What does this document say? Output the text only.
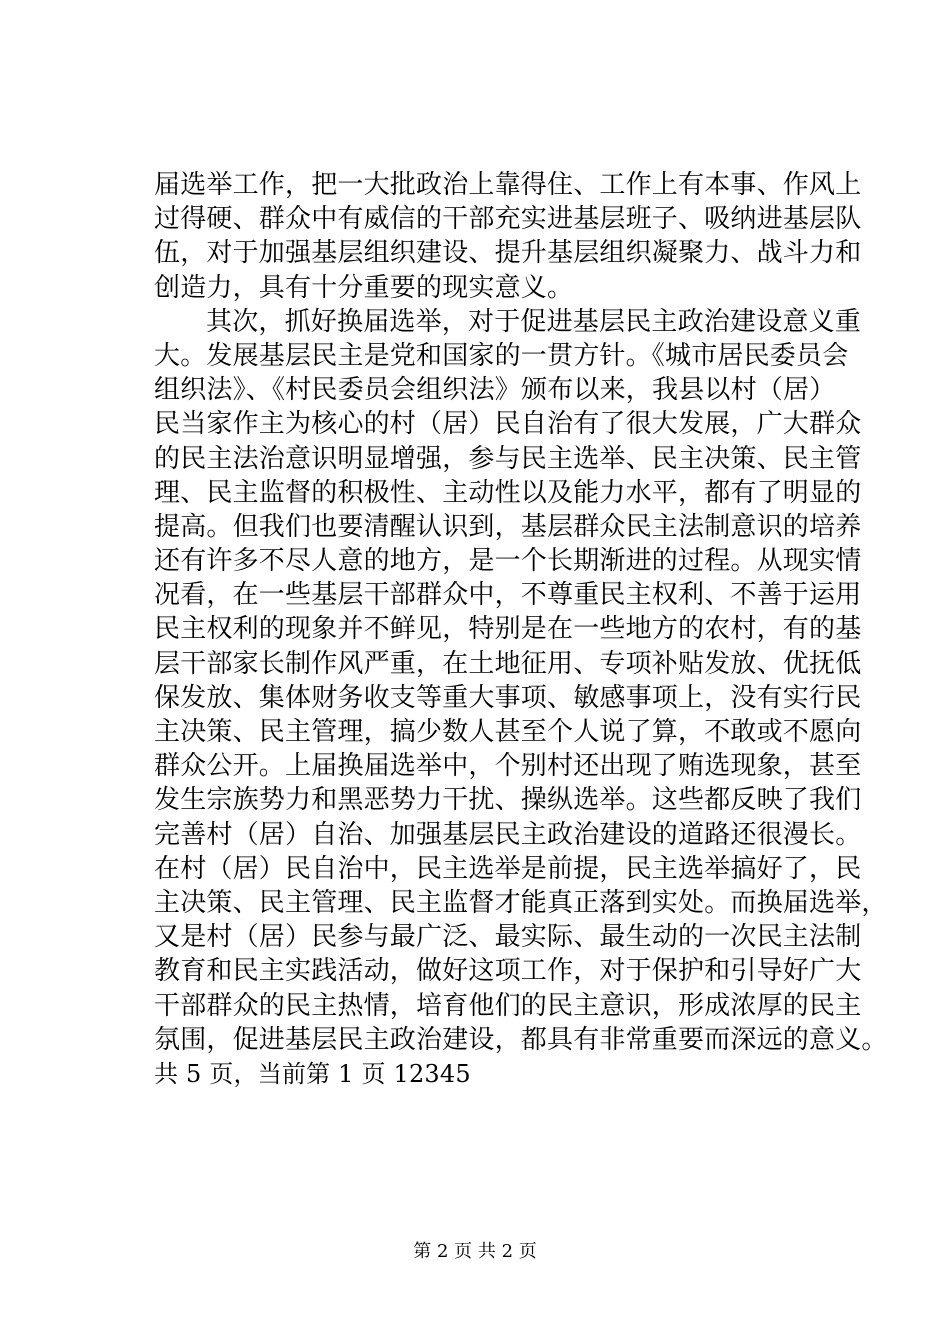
届选举工作，把一大批政治上靠得住、工作上有本事、作风上
过得硬、群众中有威信的干部充实进基层班子、吸纳进基层队
伍，对于加强基层组织建设、提升基层组织凝聚力、战斗力和
创造力，具有十分重要的现实意义。
其次，抓好换届选举，对于促进基层民主政治建设意义重
大。发展基层民主是党和国家的一贯方针。《城市居民委员会
组织法》、《村民委员会组织法》颁布以来，我县以村（居）
民当家作主为核心的村（居）民自治有了很大发展，广大群众
的民主法治意识明显增强，参与民主选举、民主决策、民主管
理、民主监督的积极性、主动性以及能力水平，都有了明显的
提高。但我们也要清醒认识到，基层群众民主法制意识的培养
还有许多不尽人意的地方，是一个长期渐进的过程。从现实情
况看，在一些基层干部群众中，不尊重民主权利、不善于运用
民主权利的现象并不鲜见，特别是在一些地方的农村，有的基
层干部家长制作风严重，在土地征用、专项补贴发放、优抚低
保发放、集体财务收支等重大事项、敏感事项上，没有实行民
主决策、民主管理，搞少数人甚至个人说了算，不敢或不愿向
群众公开。上届换届选举中，个别村还出现了贿选现象，甚至
发生宗族势力和黑恶势力干扰、操纵选举。这些都反映了我们
完善村（居）自治、加强基层民主政治建设的道路还很漫长。
在村（居）民自治中，民主选举是前提，民主选举搞好了，民
主决策、民主管理、民主监督才能真正落到实处。而换届选举，
又是村（居）民参与最广泛、最实际、最生动的一次民主法制
教育和民主实践活动，做好这项工作，对于保护和引导好广大
干部群众的民主热情，培育他们的民主意识，形成浓厚的民主
氛围，促进基层民主政治建设，都具有非常重要而深远的意义。
共 5 页，当前第 1 页 12345
第 2 页 共 2 页
